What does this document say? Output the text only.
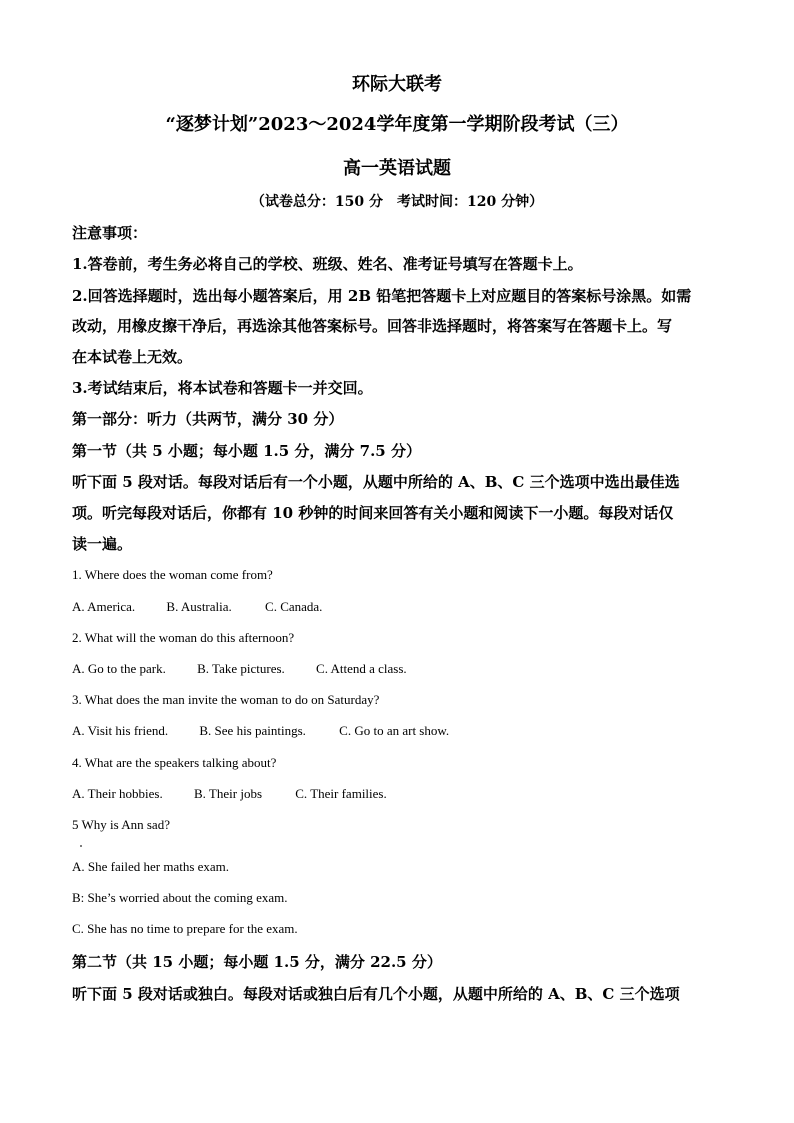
环际大联考
“逐梦计划”2023～2024学年度第一学期阶段考试（三）
高一英语试题
（试卷总分：150 分　考试时间：120 分钟）
注意事项：
1.答卷前，考生务必将自己的学校、班级、姓名、准考证号填写在答题卡上。
2.回答选择题时，选出每小题答案后，用 2B 铅笔把答题卡上对应题目的答案标号涂黑。如需
改动，用橡皮擦干净后，再选涂其他答案标号。回答非选择题时，将答案写在答题卡上。写
在本试卷上无效。
3.考试结束后，将本试卷和答题卡一并交回。
第一部分：听力（共两节，满分 30 分）
第一节（共 5 小题；每小题 1.5 分，满分 7.5 分）
听下面 5 段对话。每段对话后有一个小题，从题中所给的 A、B、C 三个选项中选出最佳选
项。听完每段对话后，你都有 10 秒钟的时间来回答有关小题和阅读下一小题。每段对话仅
读一遍。
1. Where does the woman come from?
A. America. B. Australia.	C. Canada.
2. What will the woman do this afternoon?
A. Go to the park. B. Take pictures. C. Attend a class.
3. What does the man invite the woman to do on Saturday?
A. Visit his friend. B. See his paintings.	C. Go to an art show.
4. What are the speakers talking about?
A. Their hobbies. B. Their jobs	C. Their families.
5 Why is Ann sad?
A. She failed her maths exam.
B: She’s worried about the coming exam.
C. She has no time to prepare for the exam.
第二节（共 15 小题；每小题 1.5 分，满分 22.5 分）
听下面 5 段对话或独白。每段对话或独白后有几个小题，从题中所给的 A、B、C 三个选项
